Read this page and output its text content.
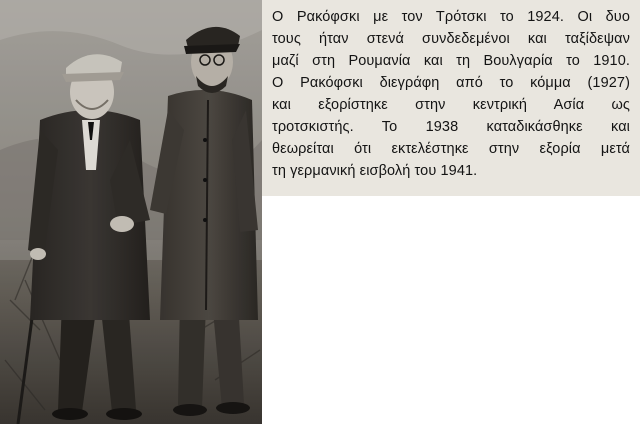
Ο Ρακόφσκι με τον Τρότσκι το 1924. Οι δυο
τους ήταν στενά συνδεδεμένοι και ταξίδεψαν
μαζί στη Ρουμανία και τη Βουλγαρία το 1910.
Ο Ρακόφσκι διεγράφη από το κόμμα (1927)
και εξορίστηκε στην κεντρική Ασία ως
τροτσκιστής. Το 1938 καταδικάσθηκε και
θεωρείται ότι εκτελέστηκε στην εξορία μετά
τη γερμανική εισβολή του 1941.
